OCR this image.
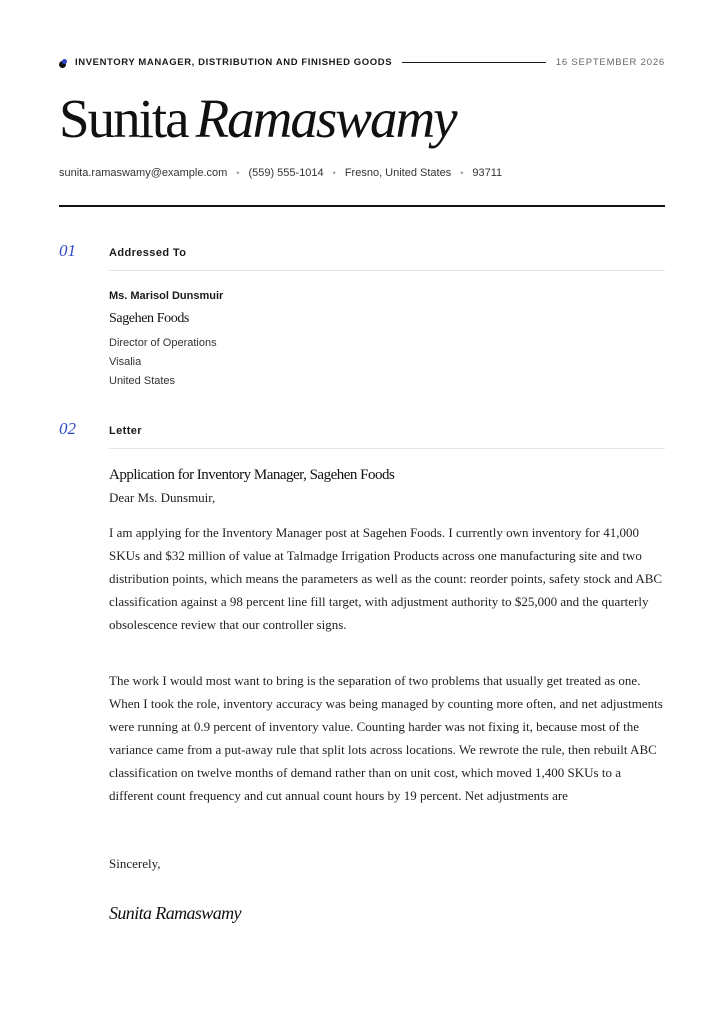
INVENTORY MANAGER, DISTRIBUTION AND FINISHED GOODS	16 SEPTEMBER 2026
Sunita Ramaswamy
sunita.ramaswamy@example.com • (559) 555-1014 • Fresno, United States • 93711
01	Addressed To
Ms. Marisol Dunsmuir
Sagehen Foods
Director of Operations
Visalia
United States
02	Letter
Application for Inventory Manager, Sagehen Foods
Dear Ms. Dunsmuir,

I am applying for the Inventory Manager post at Sagehen Foods. I currently own inventory for 41,000 SKUs and $32 million of value at Talmadge Irrigation Products across one manufacturing site and two distribution points, which means the parameters as well as the count: reorder points, safety stock and ABC classification against a 98 percent line fill target, with adjustment authority to $25,000 and the quarterly obsolescence review that our controller signs.

The work I would most want to bring is the separation of two problems that usually get treated as one. When I took the role, inventory accuracy was being managed by counting more often, and net adjustments were running at 0.9 percent of inventory value. Counting harder was not fixing it, because most of the variance came from a put-away rule that split lots across locations. We rewrote the rule, then rebuilt ABC classification on twelve months of demand rather than on unit cost, which moved 1,400 SKUs to a different count frequency and cut annual count hours by 19 percent. Net adjustments are

Sincerely,
Sunita Ramaswamy
